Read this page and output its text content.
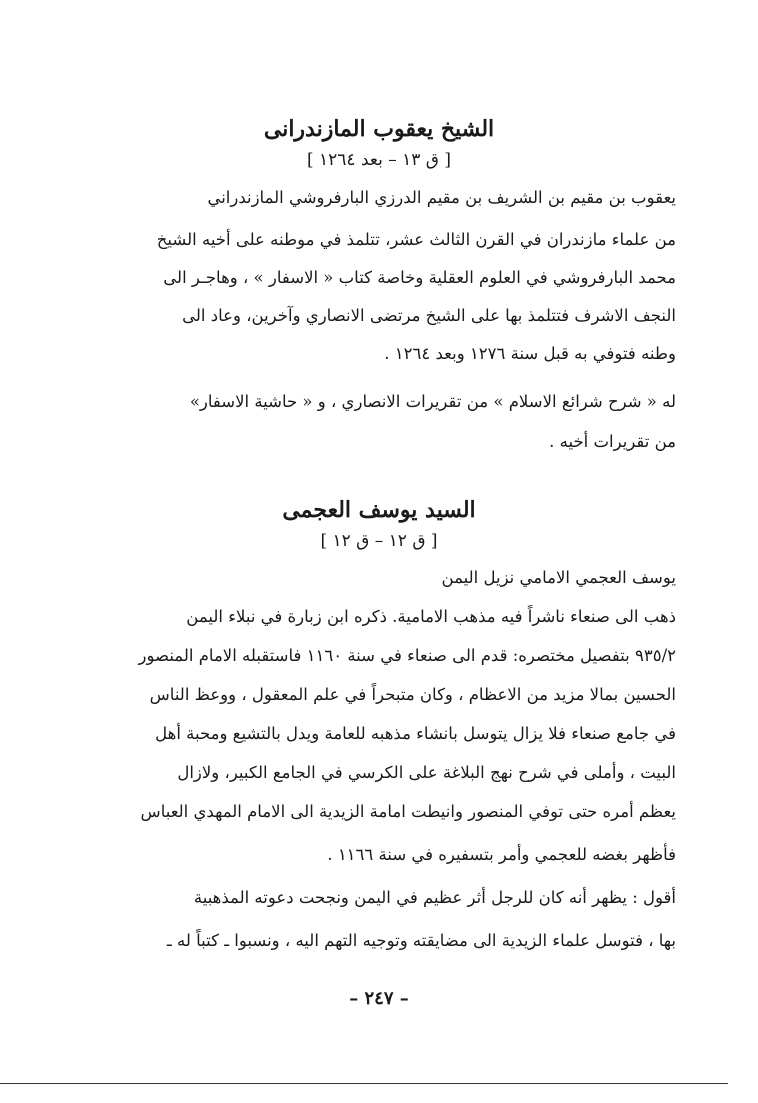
الشيخ يعقوب المازندرانى
[ ق ١٣ – بعد ١٢٦٤ ]
يعقوب بن مقيم بن الشريف بن مقيم الدرزي البارفروشي المازندراني
من علماء مازندران في القرن الثالث عشر، تتلمذ في موطنه على أخيه الشيخ
محمد البارفروشي في العلوم العقلية وخاصة كتاب « الاسفار » ، وهاجـر الى
النجف الاشرف فتتلمذ بها على الشيخ مرتضى الانصاري وآخرين، وعاد الى
وطنه فتوفي به قبل سنة ١٢٧٦ وبعد ١٢٦٤ .
له « شرح شرائع الاسلام » من تقريرات الانصاري ، و « حاشية الاسفار»
من تقريرات أخيه .
السيد يوسف العجمى
[ ق ١٢ – ق ١٢ ]
يوسف العجمي الامامي نزيل اليمن
ذهب الى صنعاء ناشراً فيه مذهب الامامية. ذكره ابن زبارة في نبلاء اليمن
٩٣٥/٢ بتفصيل مختصره: قدم الى صنعاء في سنة ١١٦٠ فاستقبله الامام المنصور
الحسين بمالا مزيد من الاعظام ، وكان متبحراً في علم المعقول ، ووعظ الناس
في جامع صنعاء فلا يزال يتوسل بانشاء مذهبه للعامة ويدل بالتشيع ومحبة أهل
البيت ، وأملى في شرح نهج البلاغة على الكرسي في الجامع الكبير، ولازال
يعظم أمره حتى توفي المنصور وانيطت امامة الزيدية الى الامام المهدي العباس
فأظهر بغضه للعجمي وأمر بتسفيره في سنة ١١٦٦ .
أقول : يظهر أنه كان للرجل أثر عظيم في اليمن ونجحت دعوته المذهبية
بها ، فتوسل علماء الزيدية الى مضايقته وتوجيه التهم اليه ، ونسبوا ـ كتباً له ـ
– ٢٤٧ –
